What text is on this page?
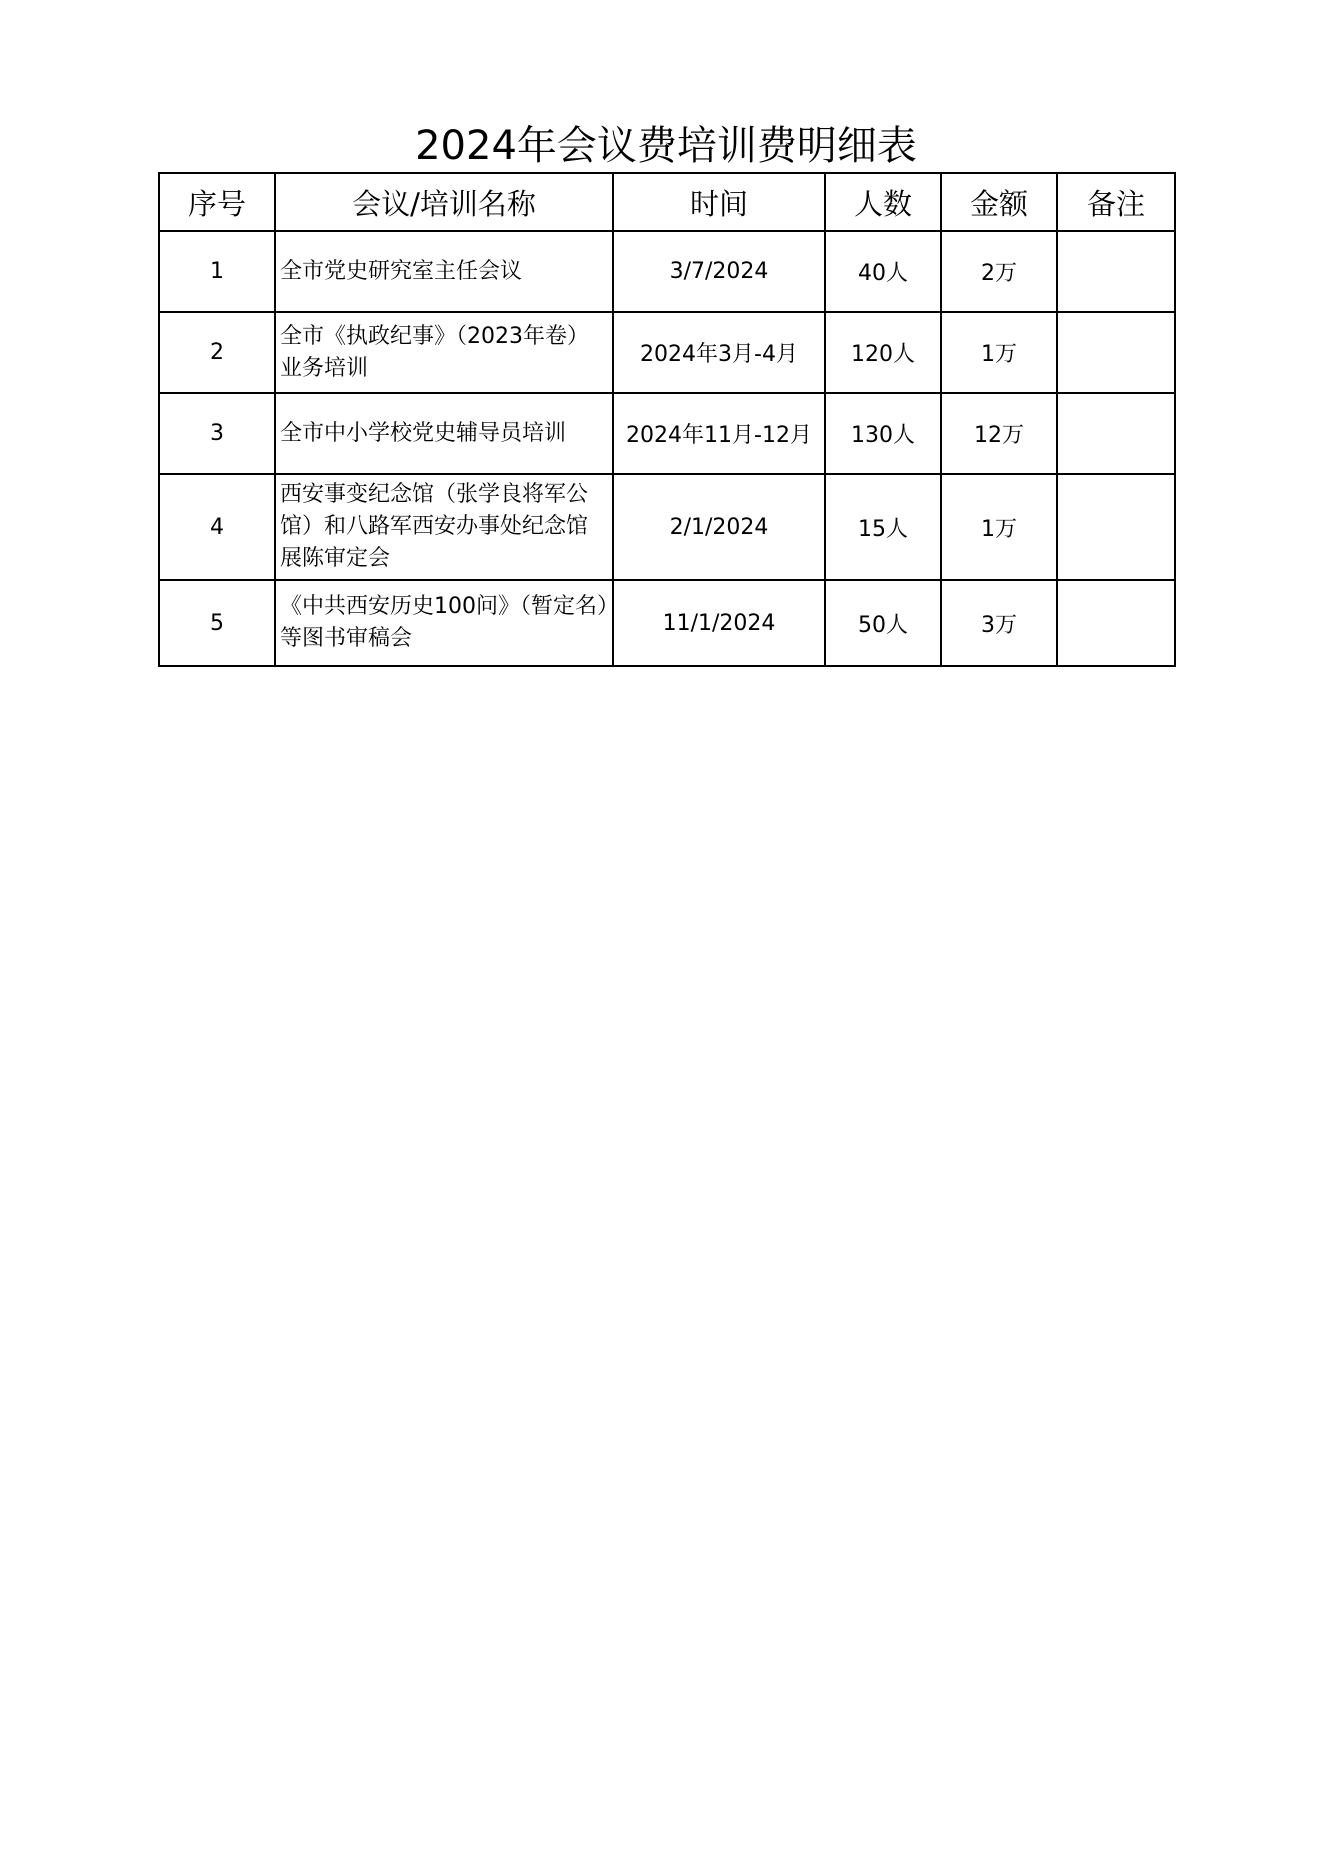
2024年会议费培训费明细表
序号	会议/培训名称	时间	人数	金额	备注
1	全市党史研究室主任会议	3/7/2024	40人	2万	
2	全市《执政纪事》（2023年卷）业务培训	2024年3月-4月	120人	1万	
3	全市中小学校党史辅导员培训	2024年11月-12月	130人	12万	
4	西安事变纪念馆（张学良将军公馆）和八路军西安办事处纪念馆展陈审定会	2/1/2024	15人	1万	
5	《中共西安历史100问》（暂定名）等图书审稿会	11/1/2024	50人	3万	
